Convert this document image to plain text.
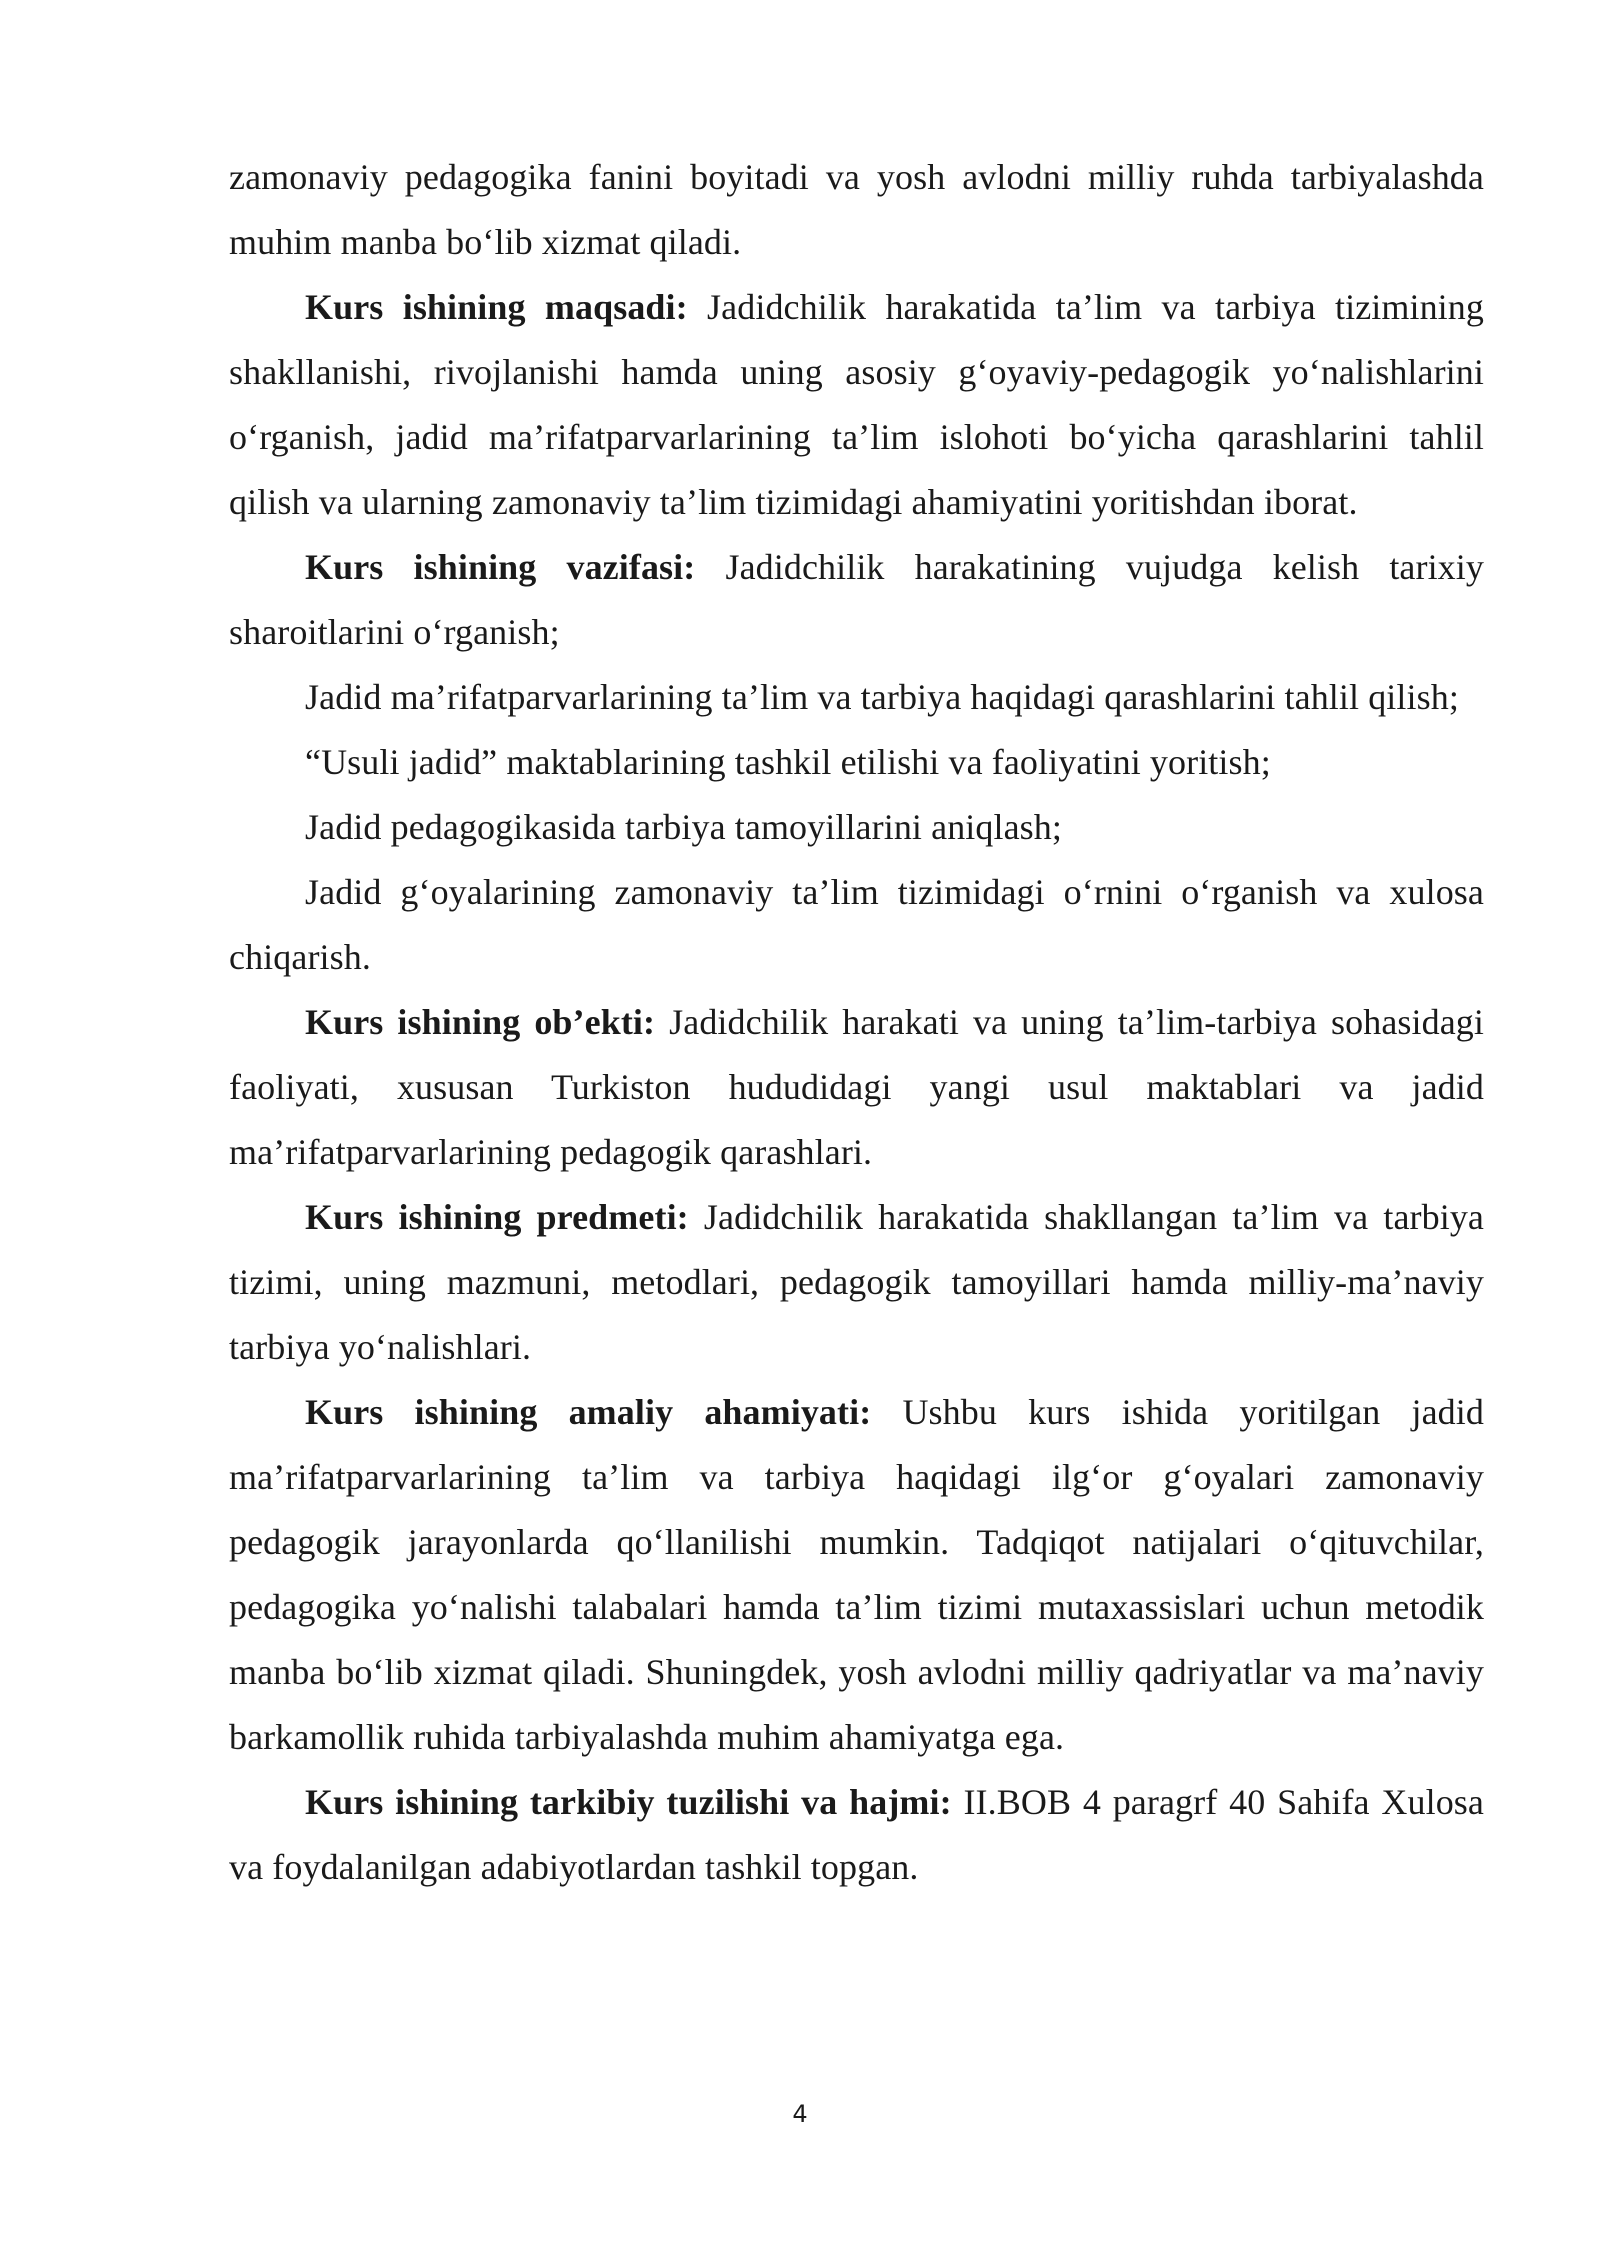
zamonaviy pedagogika fanini boyitadi va yosh avlodni milliy ruhda tarbiyalashda muhim manba bo‘lib xizmat qiladi.

Kurs ishining maqsadi: Jadidchilik harakatida ta’lim va tarbiya tizimining shakllanishi, rivojlanishi hamda uning asosiy g‘oyaviy-pedagogik yo‘nalishlarini o‘rganish, jadid ma’rifatparvarlarining ta’lim islohoti bo‘yicha qarashlarini tahlil qilish va ularning zamonaviy ta’lim tizimidagi ahamiyatini yoritishdan iborat.

Kurs ishining vazifasi: Jadidchilik harakatining vujudga kelish tarixiy sharoitlarini o‘rganish;

Jadid ma’rifatparvarlarining ta’lim va tarbiya haqidagi qarashlarini tahlil qilish;

“Usuli jadid” maktablarining tashkil etilishi va faoliyatini yoritish;

Jadid pedagogikasida tarbiya tamoyillarini aniqlash;

Jadid g‘oyalarining zamonaviy ta’lim tizimidagi o‘rnini o‘rganish va xulosa chiqarish.

Kurs ishining ob’ekti: Jadidchilik harakati va uning ta’lim-tarbiya sohasidagi faoliyati, xususan Turkiston hududidagi yangi usul maktablari va jadid ma’rifatparvarlarining pedagogik qarashlari.

Kurs ishining predmeti: Jadidchilik harakatida shakllangan ta’lim va tarbiya tizimi, uning mazmuni, metodlari, pedagogik tamoyillari hamda milliy-ma’naviy tarbiya yo‘nalishlari.

Kurs ishining amaliy ahamiyati: Ushbu kurs ishida yoritilgan jadid ma’rifatparvarlarining ta’lim va tarbiya haqidagi ilg‘or g‘oyalari zamonaviy pedagogik jarayonlarda qo‘llanilishi mumkin. Tadqiqot natijalari o‘qituvchilar, pedagogika yo‘nalishi talabalari hamda ta’lim tizimi mutaxassislari uchun metodik manba bo‘lib xizmat qiladi. Shuningdek, yosh avlodni milliy qadriyatlar va ma’naviy barkamollik ruhida tarbiyalashda muhim ahamiyatga ega.

Kurs ishining tarkibiy tuzilishi va hajmi: II.BOB 4 paragrf 40 Sahifa Xulosa va foydalanilgan adabiyotlardan tashkil topgan.

4
